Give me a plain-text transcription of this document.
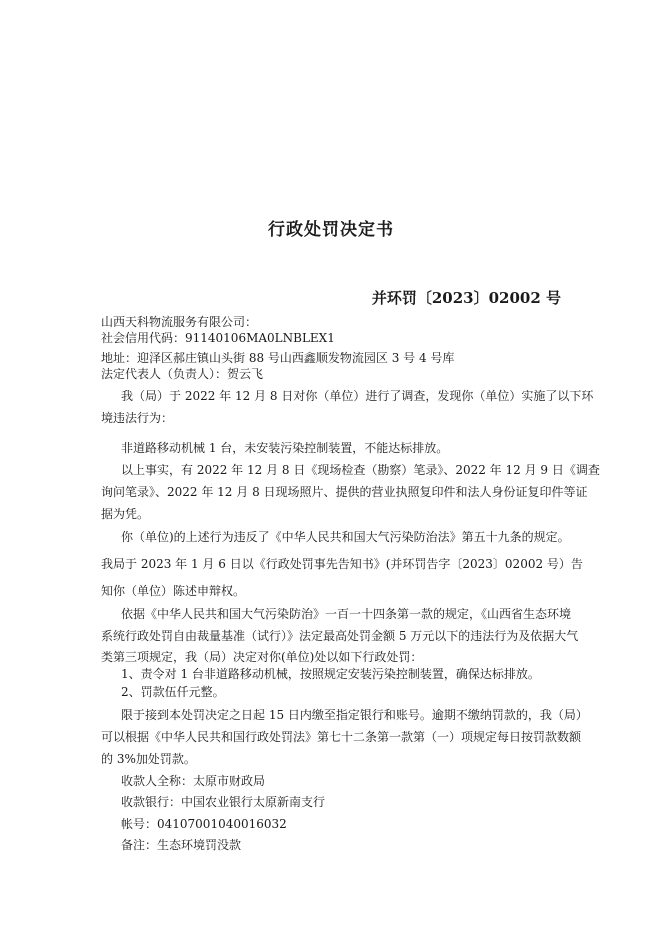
行政处罚决定书
并环罚〔2023〕02002 号
山西天科物流服务有限公司：
社会信用代码：91140106MA0LNBLEX1
地址：迎泽区郝庄镇山头街 88 号山西鑫顺发物流园区 3 号 4 号库
法定代表人（负责人）：贺云飞
我（局）于 2022 年 12 月 8 日对你（单位）进行了调查，发现你（单位）实施了以下环
境违法行为：
非道路移动机械 1 台，未安装污染控制装置，不能达标排放。
以上事实，有 2022 年 12 月 8 日《现场检查（勘察）笔录》、2022 年 12 月 9 日《调查
询问笔录》、2022 年 12 月 8 日现场照片、提供的营业执照复印件和法人身份证复印件等证
据为凭。
你（单位)的上述行为违反了《中华人民共和国大气污染防治法》第五十九条的规定。
我局于 2023 年 1 月 6 日以《行政处罚事先告知书》(并环罚告字〔2023〕02002 号）告
知你（单位）陈述申辩权。
依据《中华人民共和国大气污染防治》一百一十四条第一款的规定，《山西省生态环境
系统行政处罚自由裁量基准（试行）》法定最高处罚金额 5 万元以下的违法行为及依据大气
类第三项规定，我（局）决定对你(单位)处以如下行政处罚：
1、责令对 1 台非道路移动机械，按照规定安装污染控制装置，确保达标排放。
2、罚款伍仟元整。
限于接到本处罚决定之日起 15 日内缴至指定银行和账号。逾期不缴纳罚款的，我（局）
可以根据《中华人民共和国行政处罚法》第七十二条第一款第（一）项规定每日按罚款数额
的 3%加处罚款。
收款人全称：太原市财政局
收款银行：中国农业银行太原新南支行
帐号：04107001040016032
备注：生态环境罚没款
